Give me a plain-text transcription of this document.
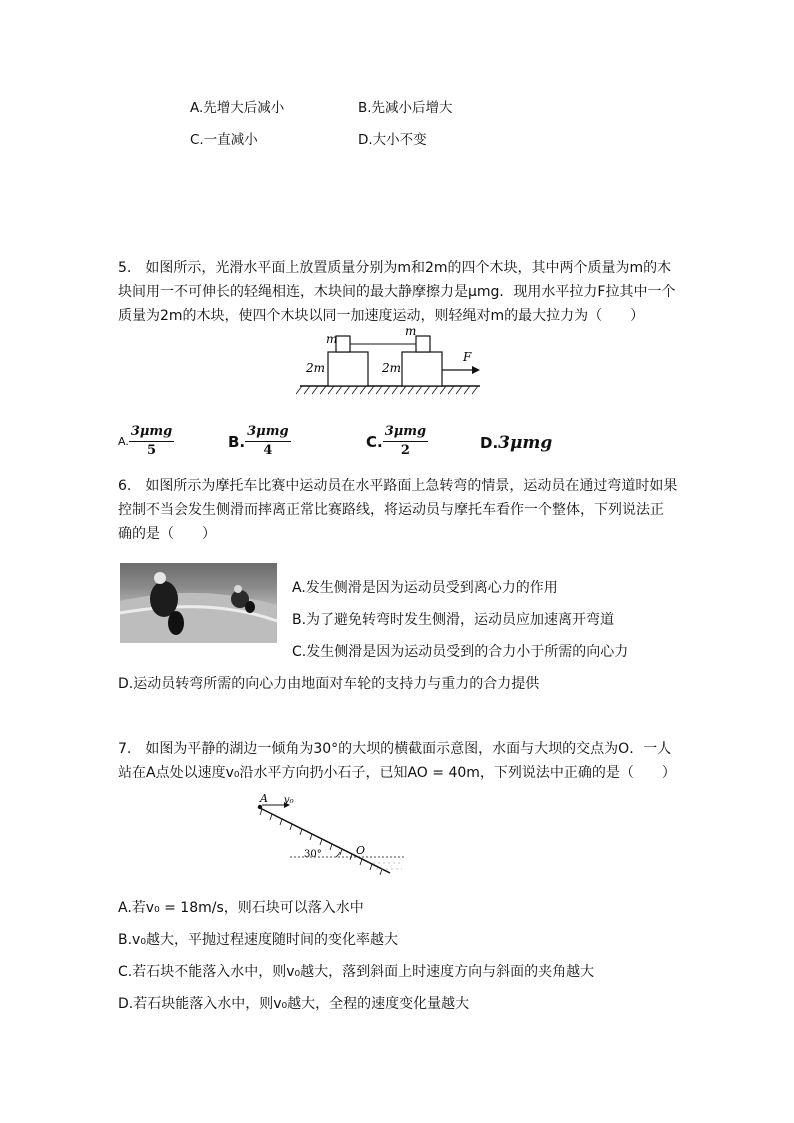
A.先增大后减小	B.先减小后增大
C.一直减小	D.大小不变
5.　如图所示，光滑水平面上放置质量分别为m和2m的四个木块，其中两个质量为m的木
块间用一不可伸长的轻绳相连，木块间的最大静摩擦力是μmg．现用水平拉力F拉其中一个
质量为2m的木块，使四个木块以同一加速度运动，则轻绳对m的最大拉力为（　　）
m
m
2m	2m
F
A. $\frac{\text{3μmg}}{5}$	B. $\frac{\text{3μmg}}{4}$	C. $\frac{\text{3μmg}}{2}$	D. 3μmg
6.　如图所示为摩托车比赛中运动员在水平路面上急转弯的情景，运动员在通过弯道时如果
控制不当会发生侧滑而摔离正常比赛路线，将运动员与摩托车看作一个整体，下列说法正
确的是（　　）
A.发生侧滑是因为运动员受到离心力的作用
B.为了避免转弯时发生侧滑，运动员应加速离开弯道
C.发生侧滑是因为运动员受到的合力小于所需的向心力
D.运动员转弯所需的向心力由地面对车轮的支持力与重力的合力提供
7.　如图为平静的湖边一倾角为30°的大坝的横截面示意图，水面与大坝的交点为O．一人
站在A点处以速度v₀沿水平方向扔小石子，已知AO = 40m，下列说法中正确的是（　　）
A v₀
30°	O
A.若v₀ = 18m/s，则石块可以落入水中
B.v₀越大，平抛过程速度随时间的变化率越大
C.若石块不能落入水中，则v₀越大，落到斜面上时速度方向与斜面的夹角越大
D.若石块能落入水中，则v₀越大，全程的速度变化量越大
